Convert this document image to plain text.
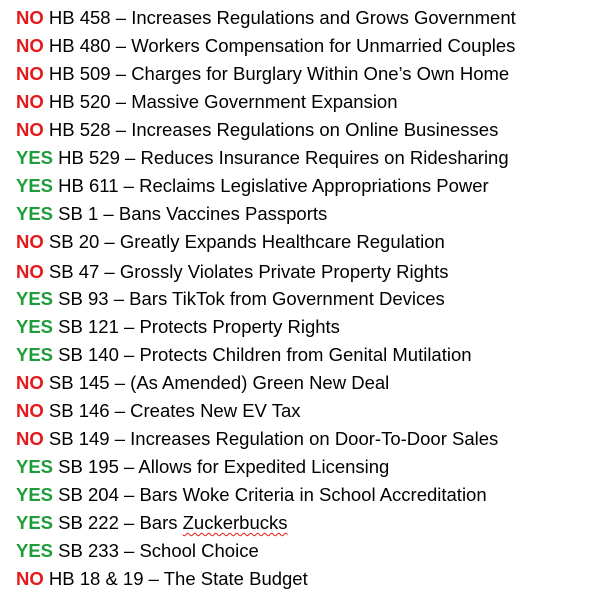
NO HB 458 – Increases Regulations and Grows Government
NO HB 480 – Workers Compensation for Unmarried Couples
NO HB 509 – Charges for Burglary Within One’s Own Home
NO HB 520 – Massive Government Expansion
NO HB 528 – Increases Regulations on Online Businesses
YES HB 529 – Reduces Insurance Requires on Ridesharing
YES HB 611 – Reclaims Legislative Appropriations Power
YES SB 1 – Bans Vaccines Passports
NO SB 20 – Greatly Expands Healthcare Regulation
NO SB 47 – Grossly Violates Private Property Rights
YES SB 93 – Bars TikTok from Government Devices
YES SB 121 – Protects Property Rights
YES SB 140 – Protects Children from Genital Mutilation
NO SB 145 – (As Amended) Green New Deal
NO SB 146 – Creates New EV Tax
NO SB 149 – Increases Regulation on Door-To-Door Sales
YES SB 195 – Allows for Expedited Licensing
YES SB 204 – Bars Woke Criteria in School Accreditation
YES SB 222 – Bars Zuckerbucks
YES SB 233 – School Choice
NO HB 18 & 19 – The State Budget
